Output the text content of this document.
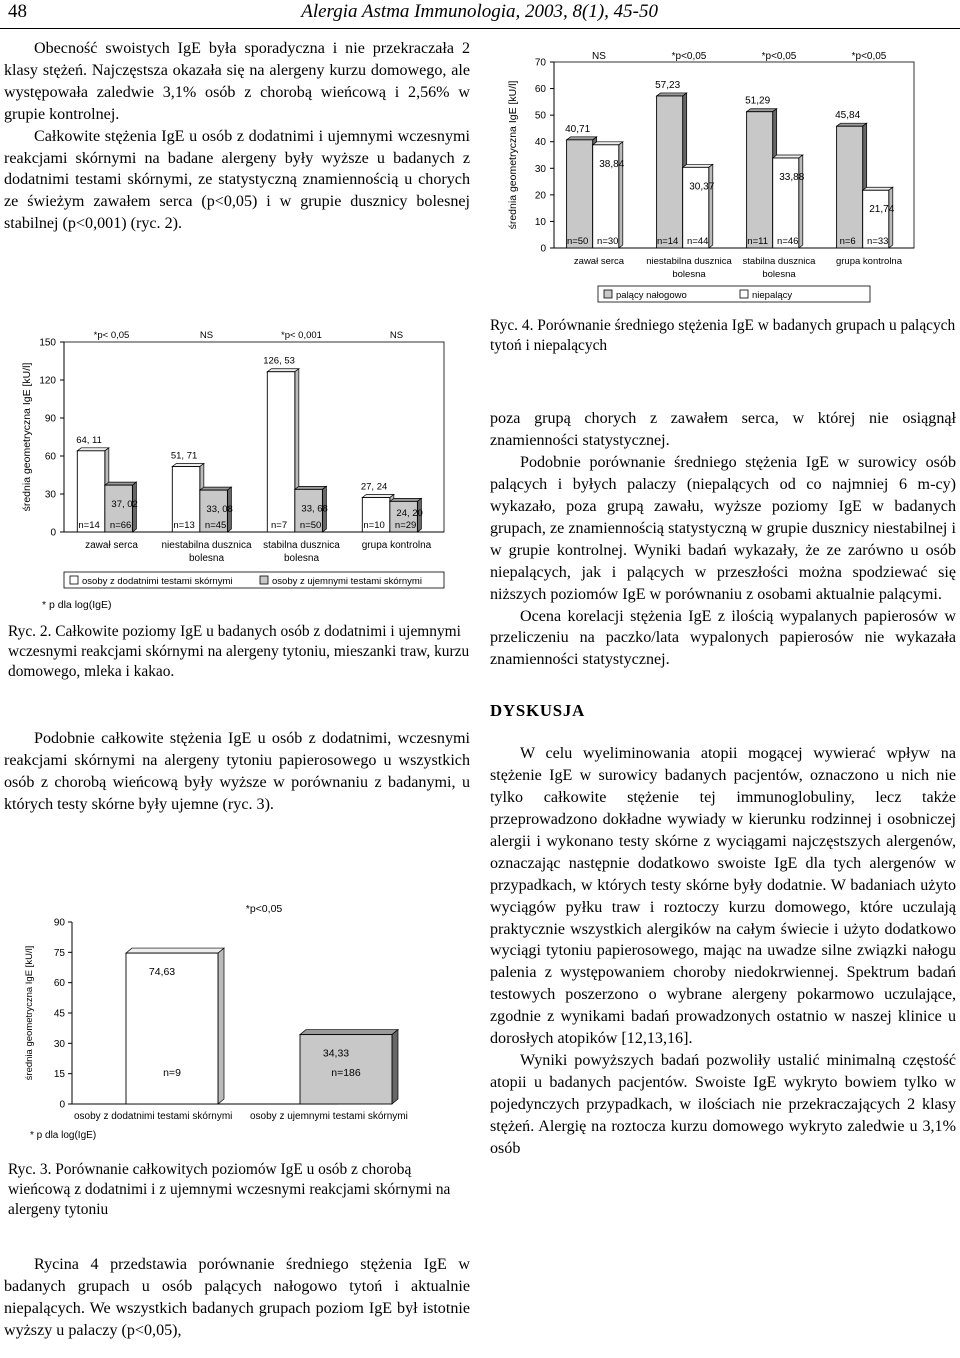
48	Alergia Astma Immunologia, 2003, 8(1), 45-50

Obecność swoistych IgE była sporadyczna i nie przekraczała 2 klasy stężeń. Najczęstsza okazała się na alergeny kurzu domowego, ale występowała zaledwie 3,1% osób z chorobą wieńcową i 2,56% w grupie kontrolnej.

Całkowite stężenia IgE u osób z dodatnimi i ujemnymi wczesnymi reakcjami skórnymi na badane alergeny były wyższe u badanych z dodatnimi testami skórnymi, ze statystyczną znamiennością u chorych ze świeżym zawałem serca (p<0,05) i w grupie dusznicy bolesnej stabilnej (p<0,001) (ryc. 2).

0
30
60
90
120
150
średnia geometryczna IgE [kU/l]	64, 11
n=14
37, 02
n=66
*p< 0,05
zawał serca
51, 71
n=13
33, 08
n=45
NS
niestabilna dusznica
bolesna
126, 53
n=7
33, 68
n=50
*p< 0,001
stabilna dusznica
bolesna
27, 24
n=10
24, 20
n=29
NS
grupa kontrolna
osoby z dodatnimi testami skórnymi	osoby z ujemnymi testami skórnymi
* p dla log(IgE)

Ryc. 2. Całkowite poziomy IgE u badanych osób z dodatnimi i ujemnymi wczesnymi reakcjami skórnymi na alergeny tytoniu, mieszanki traw, kurzu domowego, mleka i kakao.

Podobnie całkowite stężenia IgE u osób z dodatnimi, wczesnymi reakcjami skórnymi na alergeny tytoniu papierosowego u wszystkich osób z chorobą wieńcową były wyższe w porównaniu z badanymi, u których testy skórne były ujemne (ryc. 3).

0
15
30
45
60
75
90
średnia geometryczna IgE [kU/l]	74,63
n=9
osoby z dodatnimi testami skórnymi
34,33
n=186
osoby z ujemnymi testami skórnymi
*p<0,05
* p dla log(IgE)

Ryc. 3. Porównanie całkowitych poziomów IgE u osób z chorobą wieńcową z dodatnimi i z ujemnymi wczesnymi reakcjami skórnymi na alergeny tytoniu

Rycina 4 przedstawia porównanie średniego stężenia IgE w badanych grupach u osób palących nałogowo tytoń i aktualnie niepalących. We wszystkich badanych grupach poziom IgE był istotnie wyższy u palaczy (p<0,05),

0
10
20
30
40
50
60
70
średnia geometryczna IgE [kU/l]	40,71
n=50
38,84
n=30
NS
zawał serca
57,23
n=14
30,37
n=44
*p<0,05
niestabilna dusznica
bolesna
51,29
n=11
33,88
n=46
*p<0,05
stabilna dusznica
bolesna
45,84
n=6
21,74
n=33
*p<0,05
grupa kontrolna
palący nałogowo	niepalący

Ryc. 4. Porównanie średniego stężenia IgE w badanych grupach u palących tytoń i niepalących

poza grupą chorych z zawałem serca, w której nie osiągnął znamienności statystycznej.

Podobnie porównanie średniego stężenia IgE w surowicy osób palących i byłych palaczy (niepalących od co najmniej 6 m-cy) wykazało, poza grupą zawału, wyższe poziomy IgE w badanych grupach, ze znamiennością statystyczną w grupie dusznicy niestabilnej i w grupie kontrolnej. Wyniki badań wykazały, że ze zarówno u osób niepalących, jak i palących w przeszłości można spodziewać się niższych poziomów IgE w porównaniu z osobami aktualnie palącymi.

Ocena korelacji stężenia IgE z ilością wypalanych papierosów w przeliczeniu na paczko/lata wypalonych papierosów nie wykazała znamienności statystycznej.

DYSKUSJA

W celu wyeliminowania atopii mogącej wywierać wpływ na stężenie IgE w surowicy badanych pacjentów, oznaczono u nich nie tylko całkowite stężenie tej immunoglobuliny, lecz także przeprowadzono dokładne wywiady w kierunku rodzinnej i osobniczej alergii i wykonano testy skórne z wyciągami najczęstszych alergenów, oznaczając następnie dodatkowo swoiste IgE dla tych alergenów w przypadkach, w których testy skórne były dodatnie. W badaniach użyto wyciągów pyłku traw i roztoczy kurzu domowego, które uczulają praktycznie wszystkich alergików na całym świecie i użyto dodatkowo wyciągi tytoniu papierosowego, mając na uwadze silne związki nałogu palenia z występowaniem choroby niedokrwiennej. Spektrum badań testowych poszerzono o wybrane alergeny pokarmowo uczulające, zgodnie z wynikami badań prowadzonych ostatnio w naszej klinice u dorosłych atopików [12,13,16].

Wyniki powyższych badań pozwoliły ustalić minimalną częstość atopii u badanych pacjentów. Swoiste IgE wykryto bowiem tylko w pojedynczych przypadkach, w ilościach nie przekraczających 2 klasy stężeń. Alergię na roztocza kurzu domowego wykryto zaledwie u 3,1% osób
